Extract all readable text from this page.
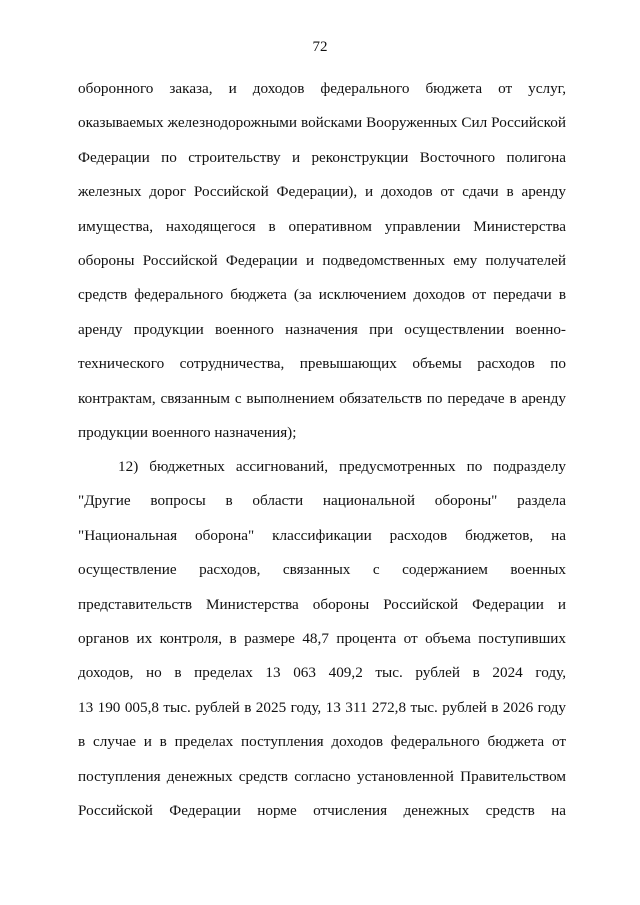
72
оборонного заказа, и доходов федерального бюджета от услуг,
оказываемых железнодорожными войсками Вооруженных Сил Российской
Федерации по строительству и реконструкции Восточного полигона
железных дорог Российской Федерации), и доходов от сдачи в аренду
имущества, находящегося в оперативном управлении Министерства
обороны Российской Федерации и подведомственных ему получателей
средств федерального бюджета (за исключением доходов от передачи в
аренду продукции военного назначения при осуществлении военно-
технического сотрудничества, превышающих объемы расходов по
контрактам, связанным с выполнением обязательств по передаче в аренду
продукции военного назначения);
12) бюджетных ассигнований, предусмотренных по подразделу
"Другие вопросы в области национальной обороны" раздела
"Национальная оборона" классификации расходов бюджетов, на
осуществление расходов, связанных с содержанием военных
представительств Министерства обороны Российской Федерации и
органов их контроля, в размере 48,7 процента от объема поступивших
доходов, но в пределах 13 063 409,2 тыс. рублей в 2024 году,
13 190 005,8 тыс. рублей в 2025 году, 13 311 272,8 тыс. рублей в 2026 году
в случае и в пределах поступления доходов федерального бюджета от
поступления денежных средств согласно установленной Правительством
Российской Федерации норме отчисления денежных средств на
